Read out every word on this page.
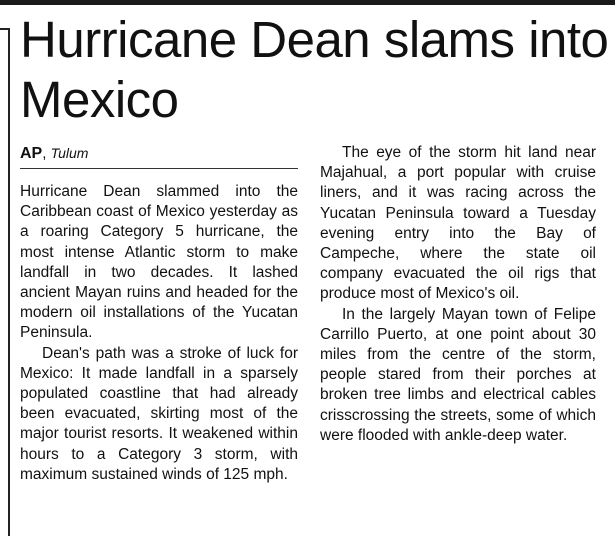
Hurricane Dean slams into Mexico
AP, Tulum

Hurricane Dean slammed into the Caribbean coast of Mexico yesterday as a roaring Category 5 hurricane, the most intense Atlantic storm to make landfall in two decades. It lashed ancient Mayan ruins and headed for the modern oil installations of the Yucatan Peninsula.

Dean's path was a stroke of luck for Mexico: It made landfall in a sparsely populated coastline that had already been evacuated, skirting most of the major tourist resorts. It weakened within hours to a Category 3 storm, with maximum sustained winds of 125 mph.

The eye of the storm hit land near Majahual, a port popular with cruise liners, and it was racing across the Yucatan Peninsula toward a Tuesday evening entry into the Bay of Campeche, where the state oil company evacuated the oil rigs that produce most of Mexico's oil.

In the largely Mayan town of Felipe Carrillo Puerto, at one point about 30 miles from the centre of the storm, people stared from their porches at broken tree limbs and electrical cables crisscrossing the streets, some of which were flooded with ankle-deep water.
